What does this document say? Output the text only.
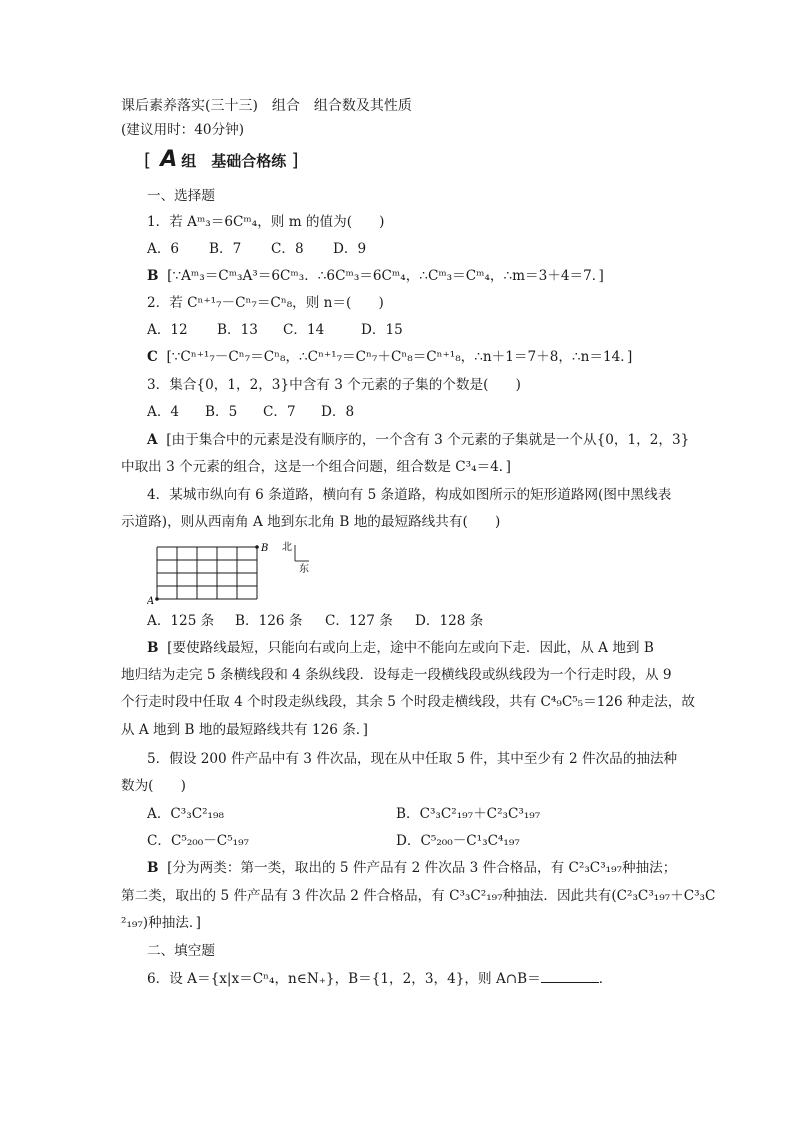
课后素养落实(三十三)　组合　组合数及其性质
(建议用时：40分钟)
[ A 组　基础合格练 ]
一、选择题
1．若 Aᵐ₃＝6Cᵐ₄，则 m 的值为(　　)
A．6 B．7 C．8 D．9
B [∵Aᵐ₃＝Cᵐ₃A³＝6Cᵐ₃．∴6Cᵐ₃＝6Cᵐ₄，∴Cᵐ₃＝Cᵐ₄，∴m＝3＋4＝7．]
2．若 Cⁿ⁺¹₇－Cⁿ₇＝Cⁿ₈，则 n＝(　　)
A．12 B．13 C．14	D．15
C [∵Cⁿ⁺¹₇－Cⁿ₇＝Cⁿ₈，∴Cⁿ⁺¹₇＝Cⁿ₇＋Cⁿ₈＝Cⁿ⁺¹₈，∴n＋1＝7＋8，∴n＝14．]
3．集合{0，1，2，3}中含有 3 个元素的子集的个数是(　　)
A．4 B．5 C．7 D．8
A [由于集合中的元素是没有顺序的，一个含有 3 个元素的子集就是一个从{0，1，2，3}
中取出 3 个元素的组合，这是一个组合问题，组合数是 C³₄＝4．]
4．某城市纵向有 6 条道路，横向有 5 条道路，构成如图所示的矩形道路网(图中黑线表
示道路)，则从西南角 A 地到东北角 B 地的最短路线共有(　　)
A
B 北
东
A．125 条 B．126 条 C．127 条 D．128 条
B [要使路线最短，只能向右或向上走，途中不能向左或向下走．因此，从 A 地到 B
地归结为走完 5 条横线段和 4 条纵线段．设每走一段横线段或纵线段为一个行走时段，从 9
个行走时段中任取 4 个时段走纵线段，其余 5 个时段走横线段，共有 C⁴₉C⁵₅＝126 种走法，故
从 A 地到 B 地的最短路线共有 126 条．]
5．假设 200 件产品中有 3 件次品，现在从中任取 5 件，其中至少有 2 件次品的抽法种
数为(　　)
A．C³₃C²₁₉₈	B．C³₃C²₁₉₇＋C²₃C³₁₉₇
C．C⁵₂₀₀－C⁵₁₉₇	D．C⁵₂₀₀－C¹₃C⁴₁₉₇
B [分为两类：第一类，取出的 5 件产品有 2 件次品 3 件合格品，有 C²₃C³₁₉₇种抽法；
第二类，取出的 5 件产品有 3 件次品 2 件合格品，有 C³₃C²₁₉₇种抽法．因此共有(C²₃C³₁₉₇＋C³₃C
²₁₉₇)种抽法．]
二、填空题
6．设 A＝{x|x＝Cⁿ₄，n∈N₊}，B＝{1，2，3，4}，则 A∩B＝	．
